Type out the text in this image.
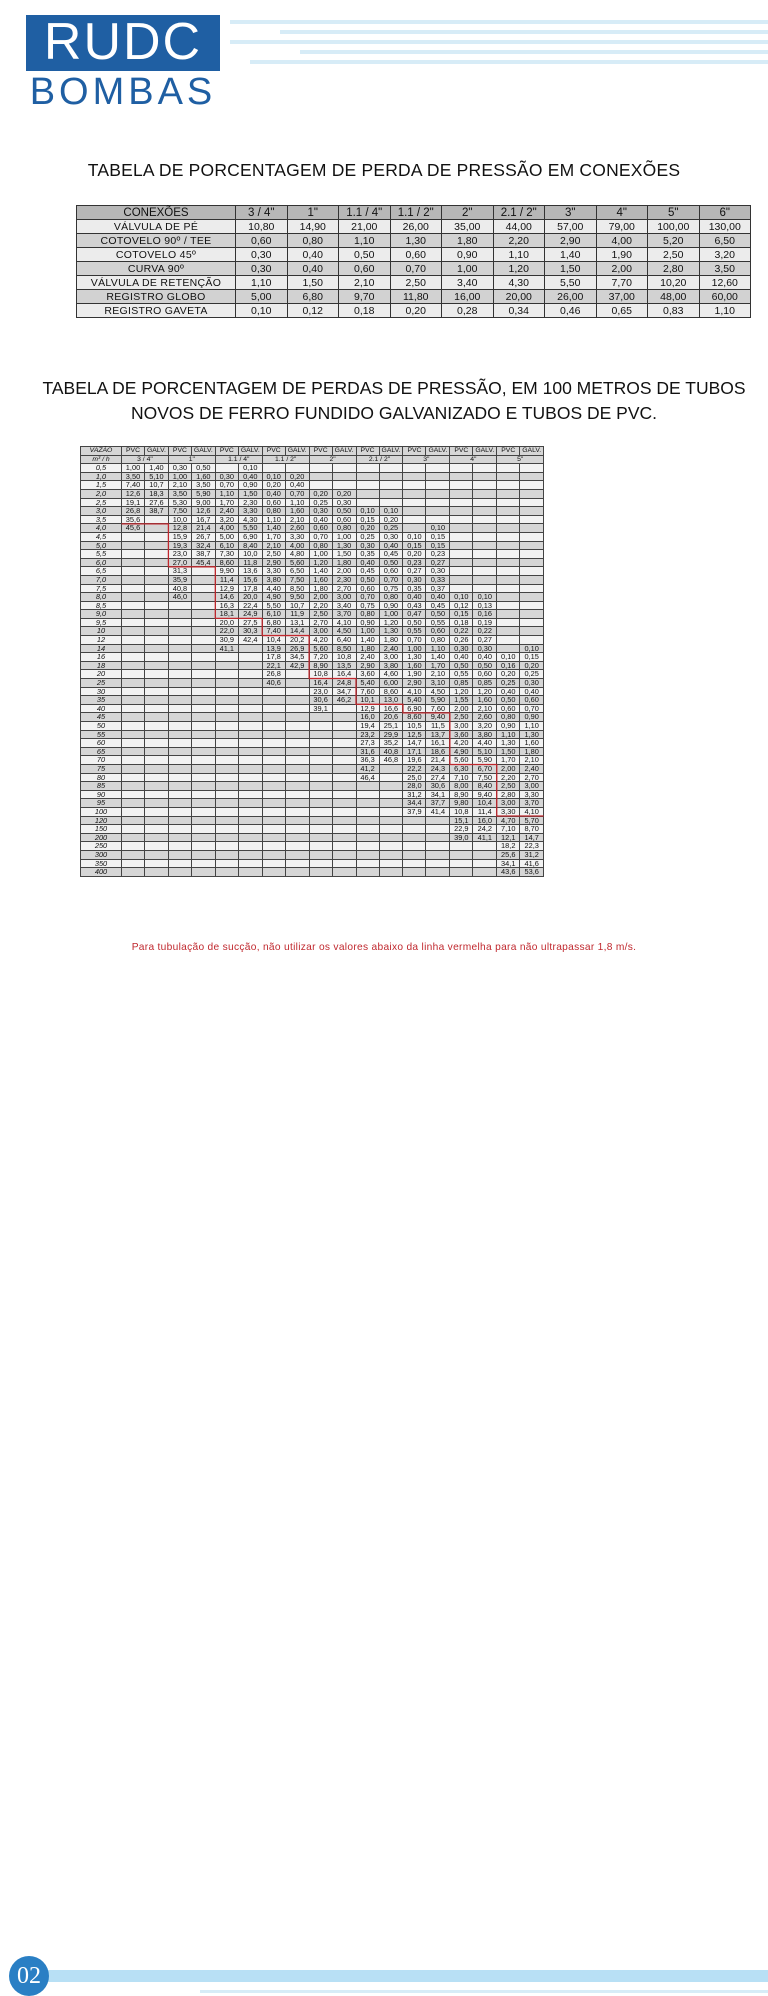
RUDC
BOMBAS
TABELA DE PORCENTAGEM DE PERDA DE PRESSÃO EM CONEXÕES
CONEXÕES	3 / 4"	1"	1.1 / 4"	1.1 / 2"	2"	2.1 / 2"	3"	4"	5"	6"
VÁLVULA DE PÉ	10,80	14,90	21,00	26,00	35,00	44,00	57,00	79,00	100,00	130,00
COTOVELO 90º / TEE	0,60	0,80	1,10	1,30	1,80	2,20	2,90	4,00	5,20	6,50
COTOVELO 45º	0,30	0,40	0,50	0,60	0,90	1,10	1,40	1,90	2,50	3,20
CURVA 90º	0,30	0,40	0,60	0,70	1,00	1,20	1,50	2,00	2,80	3,50
VÁLVULA DE RETENÇÃO	1,10	1,50	2,10	2,50	3,40	4,30	5,50	7,70	10,20	12,60
REGISTRO GLOBO	5,00	6,80	9,70	11,80	16,00	20,00	26,00	37,00	48,00	60,00
REGISTRO GAVETA	0,10	0,12	0,18	0,20	0,28	0,34	0,46	0,65	0,83	1,10
TABELA DE PORCENTAGEM DE PERDAS DE PRESSÃO, EM 100 METROS DE TUBOS NOVOS DE FERRO FUNDIDO GALVANIZADO E TUBOS DE PVC.
VAZÃO	PVC	GALV.	PVC	GALV.	PVC	GALV.	PVC	GALV.	PVC	GALV.	PVC	GALV.	PVC	GALV.	PVC	GALV.	PVC	GALV.
m³ / h	3 / 4"		1"		1.1 / 4"		1.1 / 2"		2"		2.1 / 2"		3"		4"		5"	
0,5	1,00	1,40	0,30	0,50		0,10												
1,0	3,50	5,10	1,00	1,60	0,30	0,40	0,10	0,20										
1,5	7,40	10,7	2,10	3,50	0,70	0,90	0,20	0,40										
2,0	12,6	18,3	3,50	5,90	1,10	1,50	0,40	0,70	0,20	0,20								
2,5	19,1	27,6	5,30	9,00	1,70	2,30	0,60	1,10	0,25	0,30								
3,0	26,8	38,7	7,50	12,6	2,40	3,30	0,80	1,60	0,30	0,50	0,10	0,10						
3,5	35,6		10,0	16,7	3,20	4,30	1,10	2,10	0,40	0,60	0,15	0,20						
4,0	45,6		12,8	21,4	4,00	5,50	1,40	2,60	0,60	0,80	0,20	0,25		0,10				
4,5			15,9	26,7	5,00	6,90	1,70	3,30	0,70	1,00	0,25	0,30	0,10	0,15				
5,0			19,3	32,4	6,10	8,40	2,10	4,00	0,80	1,30	0,30	0,40	0,15	0,15				
5,5			23,0	38,7	7,30	10,0	2,50	4,80	1,00	1,50	0,35	0,45	0,20	0,23				
6,0			27,0	45,4	8,60	11,8	2,90	5,60	1,20	1,80	0,40	0,50	0,23	0,27				
6,5			31,3		9,90	13,6	3,30	6,50	1,40	2,00	0,45	0,60	0,27	0,30				
7,0			35,9		11,4	15,6	3,80	7,50	1,60	2,30	0,50	0,70	0,30	0,33				
7,5			40,8		12,9	17,8	4,40	8,50	1,80	2,70	0,60	0,75	0,35	0,37				
8,0			46,0		14,6	20,0	4,90	9,50	2,00	3,00	0,70	0,80	0,40	0,40	0,10	0,10		
8,5					16,3	22,4	5,50	10,7	2,20	3,40	0,75	0,90	0,43	0,45	0,12	0,13		
9,0					18,1	24,9	6,10	11,9	2,50	3,70	0,80	1,00	0,47	0,50	0,15	0,16		
9,5					20,0	27,5	6,80	13,1	2,70	4,10	0,90	1,20	0,50	0,55	0,18	0,19		
10					22,0	30,3	7,40	14,4	3,00	4,50	1,00	1,30	0,55	0,60	0,22	0,22		
12					30,9	42,4	10,4	20,2	4,20	6,40	1,40	1,80	0,70	0,80	0,26	0,27		
14					41,1		13,9	26,9	5,60	8,50	1,80	2,40	1,00	1,10	0,30	0,30		0,10
16							17,8	34,5	7,20	10,8	2,40	3,00	1,30	1,40	0,40	0,40	0,10	0,15
18							22,1	42,9	8,90	13,5	2,90	3,80	1,60	1,70	0,50	0,50	0,16	0,20
20							26,8		10,8	16,4	3,60	4,60	1,90	2,10	0,55	0,60	0,20	0,25
25							40,6		16,4	24,8	5,40	6,00	2,90	3,10	0,85	0,85	0,25	0,30
30									23,0	34,7	7,60	8,60	4,10	4,50	1,20	1,20	0,40	0,40
35									30,6	46,2	10,1	13,0	5,40	5,90	1,55	1,60	0,50	0,60
40									39,1		12,9	16,6	6,90	7,60	2,00	2,10	0,60	0,70
45											16,0	20,6	8,60	9,40	2,50	2,60	0,80	0,90
50											19,4	25,1	10,5	11,5	3,00	3,20	0,90	1,10
55											23,2	29,9	12,5	13,7	3,60	3,80	1,10	1,30
60											27,3	35,2	14,7	16,1	4,20	4,40	1,30	1,60
65											31,6	40,8	17,1	18,6	4,90	5,10	1,50	1,80
70											36,3	46,8	19,6	21,4	5,60	5,90	1,70	2,10
75											41,2		22,2	24,3	6,30	6,70	2,00	2,40
80											46,4		25,0	27,4	7,10	7,50	2,20	2,70
85													28,0	30,6	8,00	8,40	2,50	3,00
90													31,2	34,1	8,90	9,40	2,80	3,30
95													34,4	37,7	9,80	10,4	3,00	3,70
100													37,9	41,4	10,8	11,4	3,30	4,10
120															15,1	16,0	4,70	5,70
150															22,9	24,2	7,10	8,70
200															39,0	41,1	12,1	14,7
250																	18,2	22,3
300																	25,6	31,2
350																	34,1	41,6
400																	43,6	53,6
Para tubulação de sucção, não utilizar os valores abaixo da linha vermelha para não ultrapassar 1,8 m/s.
02
